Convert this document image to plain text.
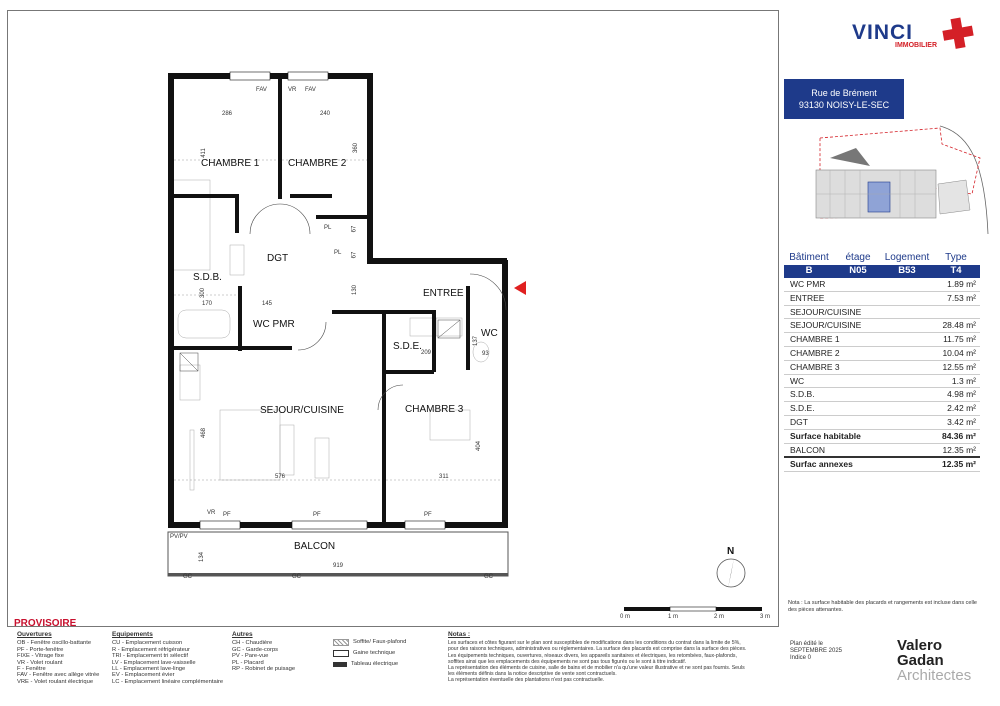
VINCI
IMMOBILIER
Rue de Brément
93130 NOISY-LE-SEC
Bâtiment	étage	Logement	Type
B	N05	B53	T4
WC PMR	1.89 m²
ENTREE	7.53 m²
SEJOUR/CUISINE
SEJOUR/CUISINE	28.48 m²
CHAMBRE 1	11.75 m²
CHAMBRE 2	10.04 m²
CHAMBRE 3	12.55 m²
WC	1.3 m²
S.D.B.	4.98 m²
S.D.E.	2.42 m²
DGT	3.42 m²
Surface habitable	84.36 m²
BALCON	12.35 m²
Surfac annexes	12.35 m²
Nota : La surface habitable des placards et rangements est incluse dans celle des pièces attenantes.
CHAMBRE 1	CHAMBRE 2
DGT
S.D.B.
WC PMR
ENTREE
S.D.E.
WC
SEJOUR/CUISINE	CHAMBRE 3
BALCON
286	240
411	360
300
170	145
130
209
137
93
468
576	311
404
919
134
67
67
FAV	FAV
VR
VR PF	PF	PF
PV/PV
GC	GC	GC
PL
PL
N
0 m	1 m	2 m	3 m
PROVISOIRE
Ouvertures
OB - Fenêtre oscillo-battante
PF - Porte-fenêtre
FIXE - Vitrage fixe
VR - Volet roulant
F - Fenêtre
FAV - Fenêtre avec allège vitrée
VRE - Volet roulant électrique
Equipements
CU - Emplacement cuisson
R - Emplacement réfrigérateur
TRI - Emplacement tri sélectif
LV - Emplacement lave-vaisselle
LL - Emplacement lave-linge
EV - Emplacement évier
LC - Emplacement linéaire complémentaire
Autres
CH - Chaudière
GC - Garde-corps
PV - Pare-vue
PL - Placard
RP - Robinet de puisage
Soffite/ Faux-plafond
Gaine technique
Tableau électrique
Notas :
Les surfaces et côtes figurant sur le plan sont susceptibles de modifications dans les conditions du contrat dans la limite de 5%,
pour des raisons techniques, administratives ou réglementaires. La surface des placards est comprise dans la surface des pièces.
Les équipements techniques, ouvertures, réseaux divers, les appareils sanitaires et électriques, les retombées, faux-plafonds,
soffites ainsi que les emplacements des équipements ne sont pas tous figurés ou le sont à titre indicatif.
La représentation des éléments de cuisine, salle de bains et de mobilier n'a qu'une valeur illustrative et ne sont pas fournis. Seuls
les éléments définis dans la notice descriptive de vente sont contractuels.
La représentation éventuelle des plantations n'est pas contractuelle.
Plan édité le
SEPTEMBRE 2025
Indice 0
Valero
Gadan
Architectes
